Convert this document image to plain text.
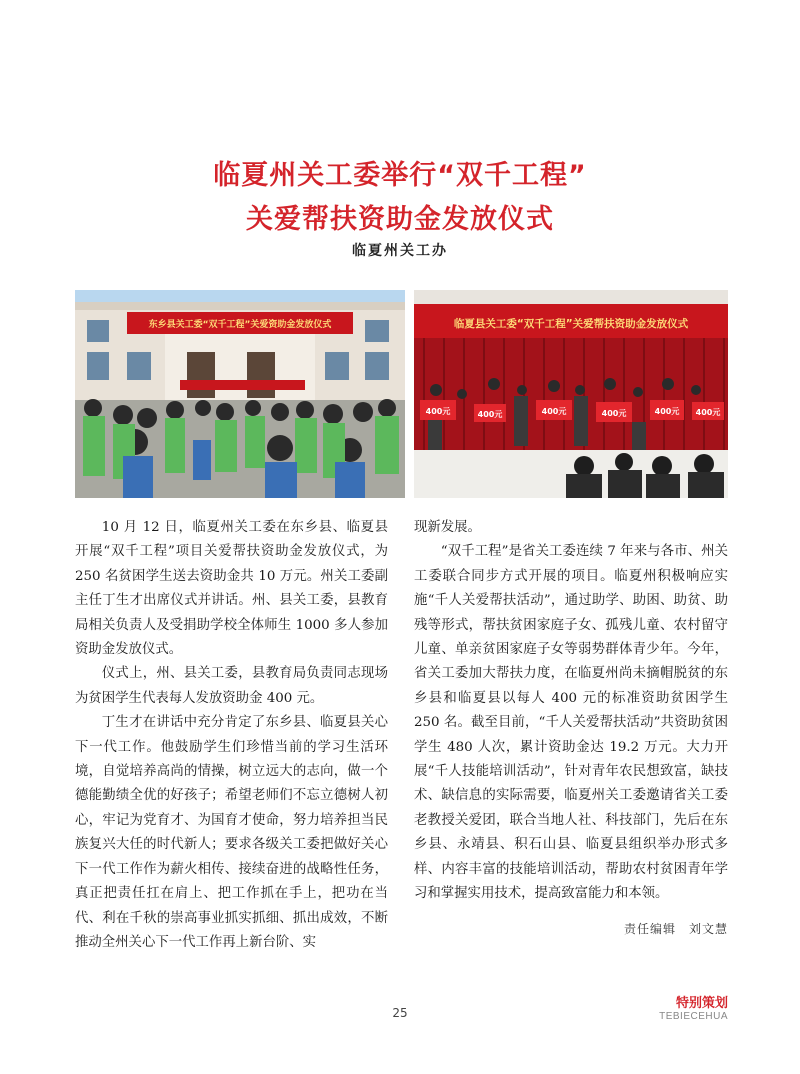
临夏州关工委举行“双千工程”
关爱帮扶资助金发放仪式
临夏州关工办
东乡县关工委“双千工程”关爱资助金发放仪式	临夏县关工委“双千工程”关爱帮扶资助金发放仪式
400元	400元	400元	400元	400元 400元

10 月 12 日，临夏州关工委在东乡县、临夏县开展“双千工程”项目关爱帮扶资助金发放仪式，为 250 名贫困学生送去资助金共 10 万元。州关工委副主任丁生才出席仪式并讲话。州、县关工委，县教育局相关负责人及受捐助学校全体师生 1000 多人参加资助金发放仪式。

仪式上，州、县关工委，县教育局负责同志现场为贫困学生代表每人发放资助金 400 元。

丁生才在讲话中充分肯定了东乡县、临夏县关心下一代工作。他鼓励学生们珍惜当前的学习生活环境，自觉培养高尚的情操，树立远大的志向，做一个德能勤绩全优的好孩子；希望老师们不忘立德树人初心，牢记为党育才、为国育才使命，努力培养担当民族复兴大任的时代新人；要求各级关工委把做好关心下一代工作作为薪火相传、接续奋进的战略性任务，真正把责任扛在肩上、把工作抓在手上，把功在当代、利在千秋的崇高事业抓实抓细、抓出成效，不断推动全州关心下一代工作再上新台阶、实

现新发展。

“双千工程”是省关工委连续 7 年来与各市、州关工委联合同步方式开展的项目。临夏州积极响应实施“千人关爱帮扶活动”，通过助学、助困、助贫、助残等形式，帮扶贫困家庭子女、孤残儿童、农村留守儿童、单亲贫困家庭子女等弱势群体青少年。今年，省关工委加大帮扶力度，在临夏州尚未摘帽脱贫的东乡县和临夏县以每人 400 元的标准资助贫困学生 250 名。截至目前，“千人关爱帮扶活动”共资助贫困学生 480 人次，累计资助金达 19.2 万元。大力开展“千人技能培训活动”，针对青年农民想致富，缺技术、缺信息的实际需要，临夏州关工委邀请省关工委老教授关爱团，联合当地人社、科技部门，先后在东乡县、永靖县、积石山县、临夏县组织举办形式多样、内容丰富的技能培训活动，帮助农村贫困青年学习和掌握实用技术，提高致富能力和本领。

责任编辑　刘文慧
25
特别策划
TEBIECEHUA
